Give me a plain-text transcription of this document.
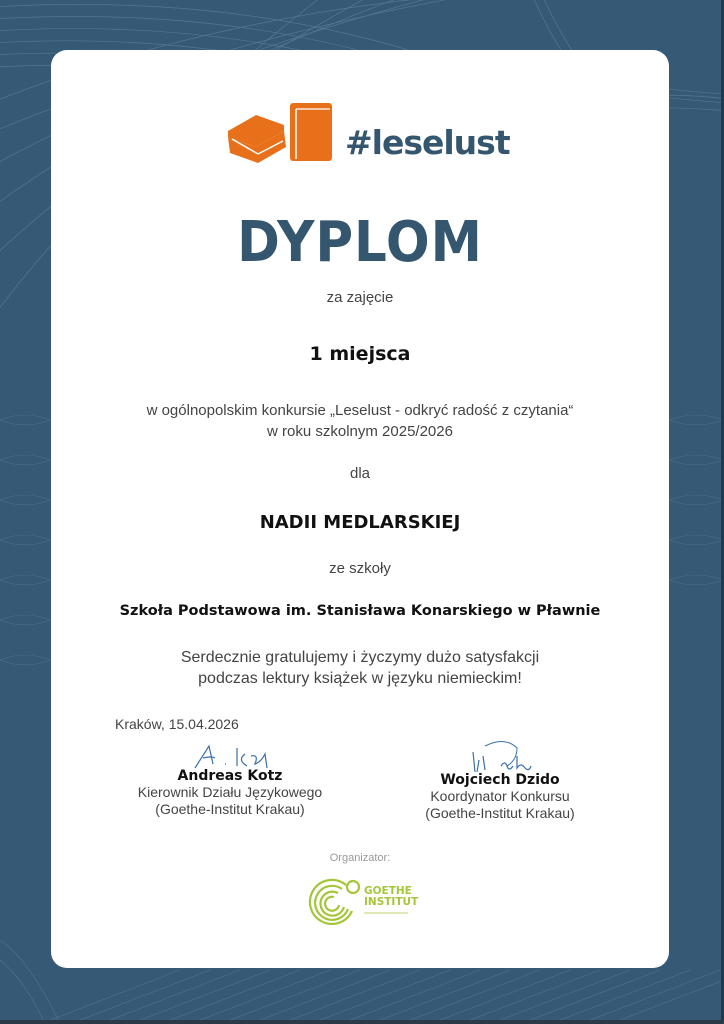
#leselust
DYPLOM
za zajęcie
1 miejsca
w ogólnopolskim konkursie „Leselust - odkryć radość z czytania“
w roku szkolnym 2025/2026
dla
NADII MEDLARSKIEJ
ze szkoły
Szkoła Podstawowa im. Stanisława Konarskiego w Pławnie
Serdecznie gratulujemy i życzymy dużo satysfakcji
podczas lektury książek w języku niemieckim!
Kraków, 15.04.2026
Andreas Kotz
Kierownik Działu Językowego
(Goethe-Institut Krakau)
Wojciech Dzido
Koordynator Konkursu
(Goethe-Institut Krakau)
Organizator:
GOETHE
INSTITUT
